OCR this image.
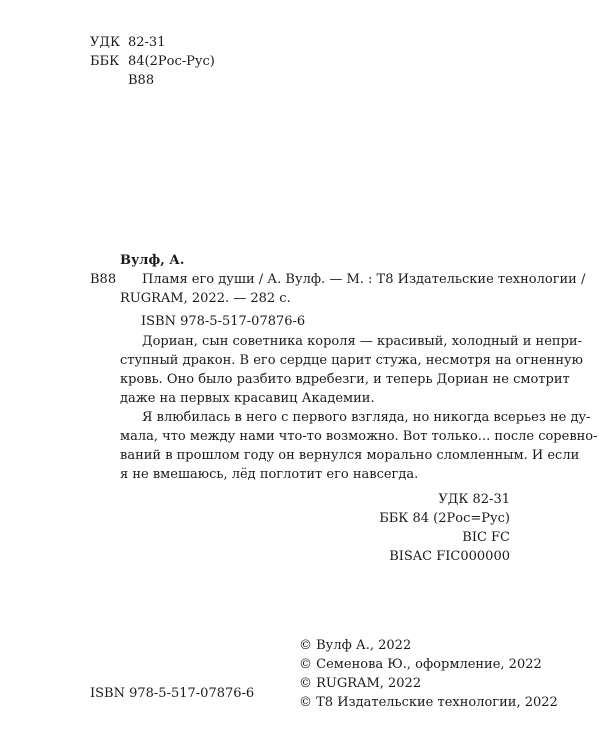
УДК 82-31
ББК 84(2Рос-Рус)
В88
Вулф, А.
В88	Пламя его души / А. Вулф. — М. : Т8 Издательские технологии /
RUGRAM, 2022. — 282 с.
ISBN 978-5-517-07876-6
Дориан, сын советника короля — красивый, холодный и непри-
ступный дракон. В его сердце царит стужа, несмотря на огненную
кровь. Оно было разбито вдребезги, и теперь Дориан не смотрит
даже на первых красавиц Академии.
Я влюбилась в него с первого взгляда, но никогда всерьез не ду-
мала, что между нами что-то возможно. Вот только... после соревно-
ваний в прошлом году он вернулся морально сломленным. И если
я не вмешаюсь, лёд поглотит его навсегда.
УДК 82-31
ББК 84 (2Рос=Рус)
BIC FC
BISAC FIC000000
ISBN 978-5-517-07876-6
© Вулф А., 2022
© Семенова Ю., оформление, 2022
© RUGRAM, 2022
© Т8 Издательские технологии, 2022
